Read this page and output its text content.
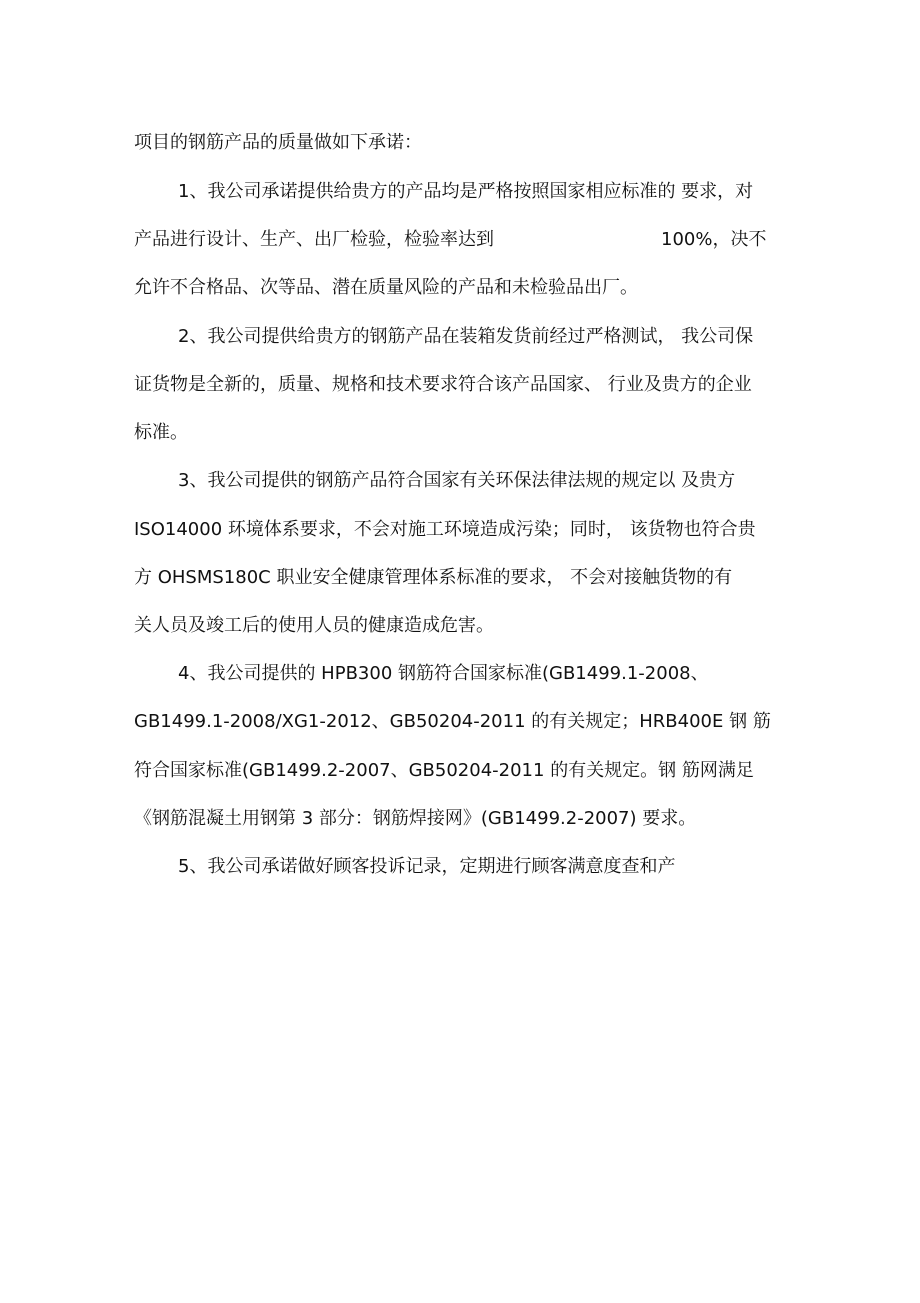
项目的钢筋产品的质量做如下承诺：
1、我公司承诺提供给贵方的产品均是严格按照国家相应标准的 要求，对
产品进行设计、生产、出厂检验，检验率达到	100%，决不
允许不合格品、次等品、潜在质量风险的产品和未检验品出厂。
2、我公司提供给贵方的钢筋产品在装箱发货前经过严格测试， 我公司保
证货物是全新的，质量、规格和技术要求符合该产品国家、 行业及贵方的企业
标准。
3、我公司提供的钢筋产品符合国家有关环保法律法规的规定以 及贵方
ISO14000 环境体系要求，不会对施工环境造成污染；同时， 该货物也符合贵
方 OHSMS180C 职业安全健康管理体系标准的要求， 不会对接触货物的有
关人员及竣工后的使用人员的健康造成危害。
4、我公司提供的 HPB300 钢筋符合国家标准(GB1499.1-2008、
GB1499.1-2008/XG1-2012、GB50204-2011 的有关规定；HRB400E 钢 筋
符合国家标准(GB1499.2-2007、GB50204-2011 的有关规定。钢 筋网满足
《钢筋混凝土用钢第 3 部分：钢筋焊接网》(GB1499.2-2007) 要求。
5、我公司承诺做好顾客投诉记录，定期进行顾客满意度查和产
